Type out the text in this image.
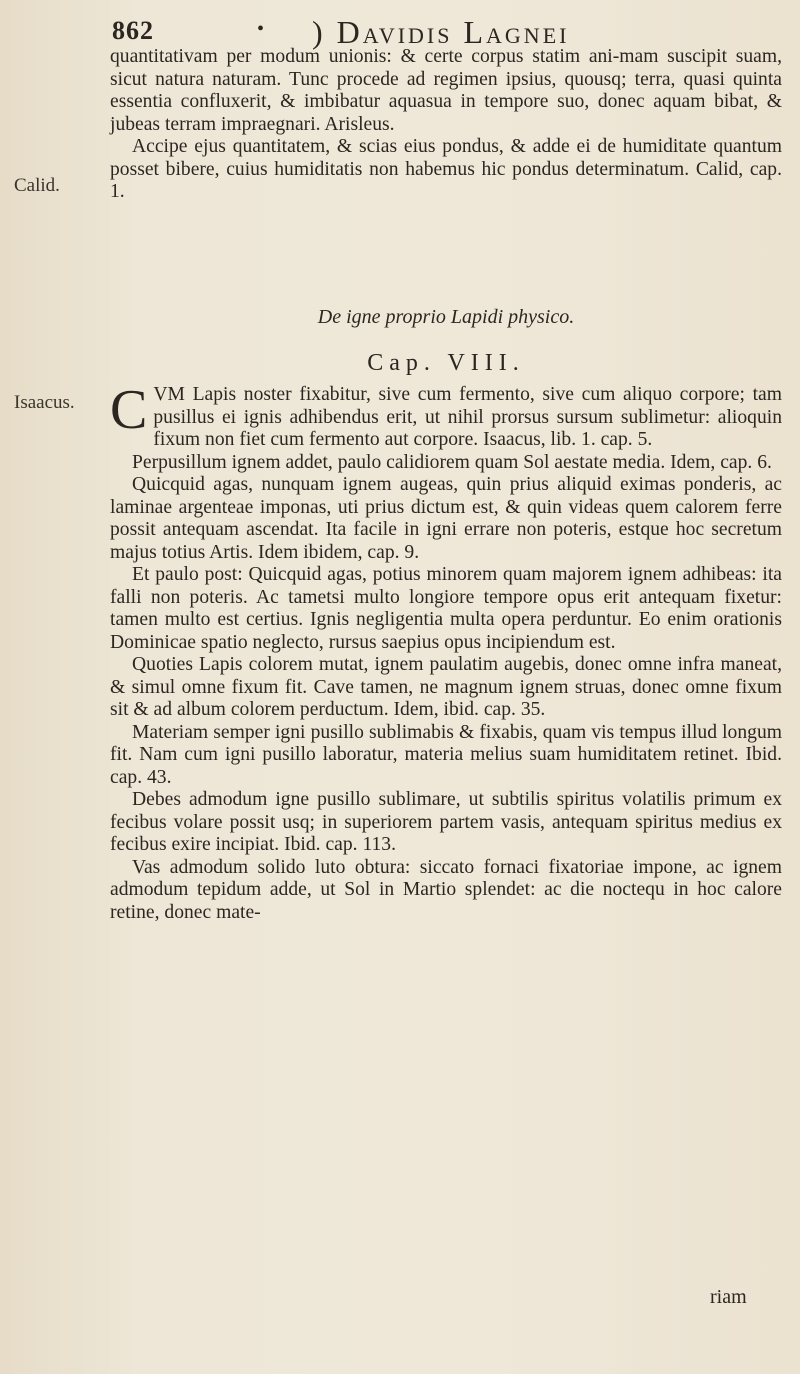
862	• ) Davidis Lagnei
Calid.
Isaacus.

quantitativam per modum unionis: & certe corpus statim ani-mam suscipit suam, sicut natura naturam. Tunc procede ad regimen ipsius, quousq; terra, quasi quinta essentia confluxerit, & imbibatur aquasua in tempore suo, donec aquam bibat, & jubeas terram impraegnari. Arisleus.

Accipe ejus quantitatem, & scias eius pondus, & adde ei de humiditate quantum posset bibere, cuius humiditatis non habemus hic pondus determinatum. Calid, cap. 1.

De igne proprio Lapidi physico.
Cap. VIII.

CVM Lapis noster fixabitur, sive cum fermento, sive cum aliquo corpore; tam pusillus ei ignis adhibendus erit, ut nihil prorsus sursum sublimetur: alioquin fixum non fiet cum fermento aut corpore. Isaacus, lib. 1. cap. 5.

Perpusillum ignem addet, paulo calidiorem quam Sol aestate media. Idem, cap. 6.

Quicquid agas, nunquam ignem augeas, quin prius aliquid eximas ponderis, ac laminae argenteae imponas, uti prius dictum est, & quin videas quem calorem ferre possit antequam ascendat. Ita facile in igni errare non poteris, estque hoc secretum majus totius Artis. Idem ibidem, cap. 9.

Et paulo post: Quicquid agas, potius minorem quam majorem ignem adhibeas: ita falli non poteris. Ac tametsi multo longiore tempore opus erit antequam fixetur: tamen multo est certius. Ignis negligentia multa opera perduntur. Eo enim orationis Dominicae spatio neglecto, rursus saepius opus incipiendum est.

Quoties Lapis colorem mutat, ignem paulatim augebis, donec omne infra maneat, & simul omne fixum fit. Cave tamen, ne magnum ignem struas, donec omne fixum sit & ad album colorem perductum. Idem, ibid. cap. 35.

Materiam semper igni pusillo sublimabis & fixabis, quam vis tempus illud longum fit. Nam cum igni pusillo laboratur, materia melius suam humiditatem retinet. Ibid. cap. 43.

Debes admodum igne pusillo sublimare, ut subtilis spiritus volatilis primum ex fecibus volare possit usq; in superiorem partem vasis, antequam spiritus medius ex fecibus exire incipiat. Ibid. cap. 113.

Vas admodum solido luto obtura: siccato fornaci fixatoriae impone, ac ignem admodum tepidum adde, ut Sol in Martio splendet: ac die noctequ in hoc calore retine, donec mate-

riam
